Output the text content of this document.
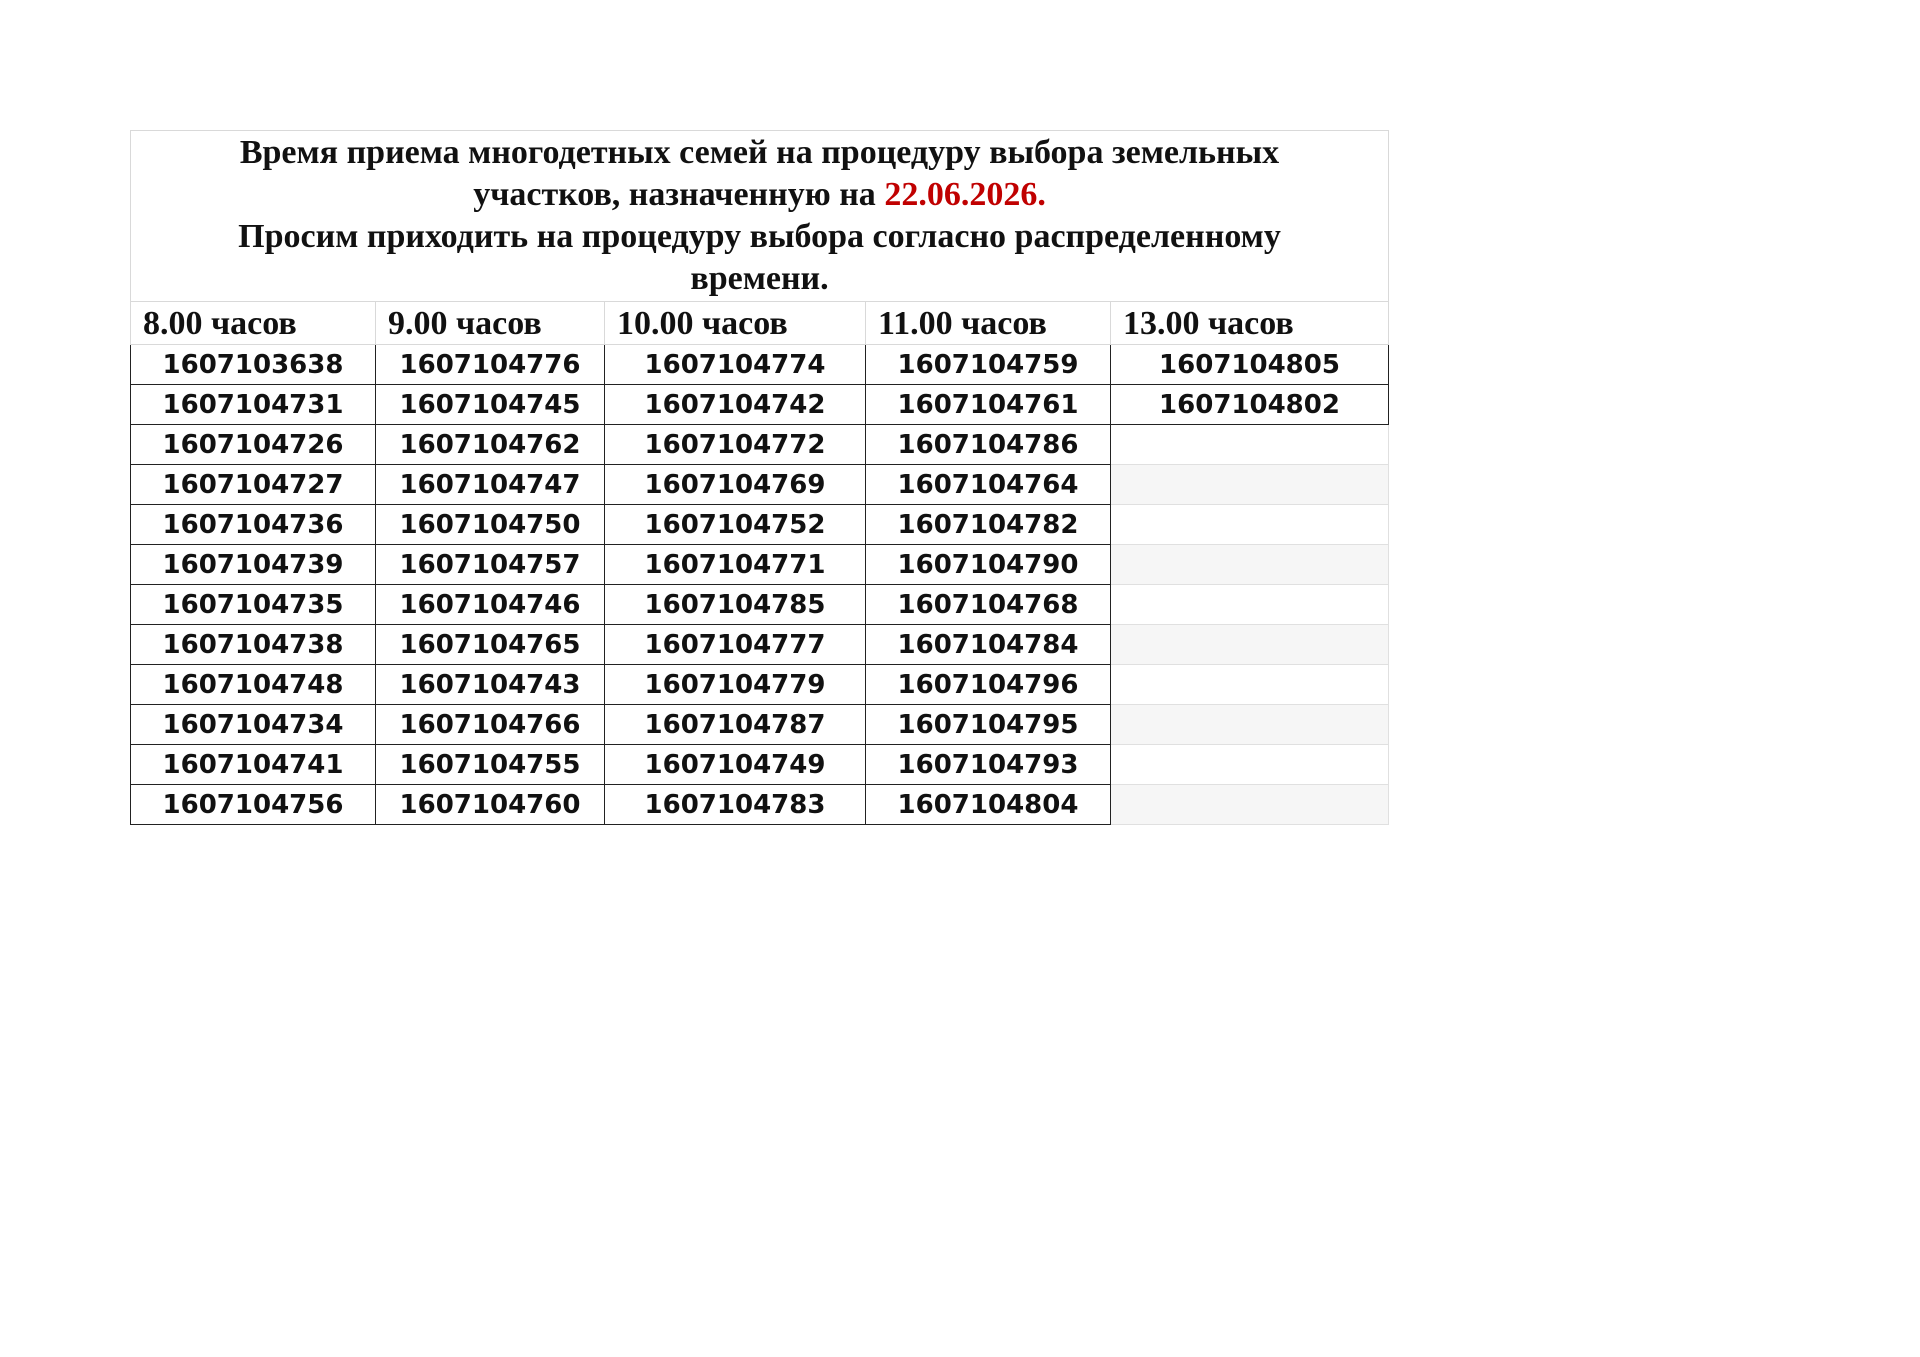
Время приема многодетных семей на процедуру выбора земельных
участков, назначенную на 22.06.2026.
Просим приходить на процедуру выбора согласно распределенному
времени.				

8.00 часов	9.00 часов	10.00 часов	11.00 часов	13.00 часов
1607103638	1607104776	1607104774	1607104759	1607104805
1607104731	1607104745	1607104742	1607104761	1607104802
1607104726	1607104762	1607104772	1607104786	
1607104727	1607104747	1607104769	1607104764	
1607104736	1607104750	1607104752	1607104782	
1607104739	1607104757	1607104771	1607104790	
1607104735	1607104746	1607104785	1607104768	
1607104738	1607104765	1607104777	1607104784	
1607104748	1607104743	1607104779	1607104796	
1607104734	1607104766	1607104787	1607104795	
1607104741	1607104755	1607104749	1607104793	
1607104756	1607104760	1607104783	1607104804	
